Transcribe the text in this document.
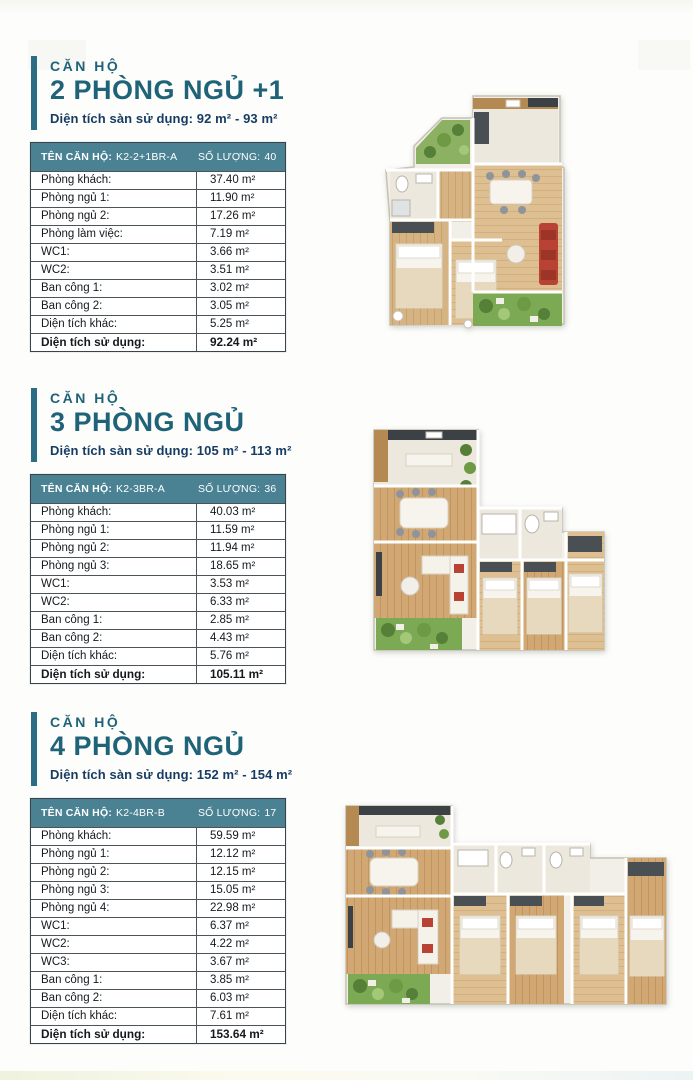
CĂN HỘ
2 PHÒNG NGỦ +1
Diện tích sàn sử dụng: 92 m² - 93 m²
TÊN CĂN HỘ: K2-2+1BR-A SỐ LƯỢNG: 40
Phòng khách:	37.40 m²
Phòng ngủ 1:	11.90 m²
Phòng ngủ 2:	17.26 m²
Phòng làm việc:	7.19 m²
WC1:	3.66 m²
WC2:	3.51 m²
Ban công 1:	3.02 m²
Ban công 2:	3.05 m²
Diện tích khác:	5.25 m²
Diện tích sử dụng:	92.24 m²
CĂN HỘ
3 PHÒNG NGỦ
Diện tích sàn sử dụng: 105 m² - 113 m²
TÊN CĂN HỘ: K2-3BR-A	SỐ LƯỢNG: 36
Phòng khách:	40.03 m²
Phòng ngủ 1:	11.59 m²
Phòng ngủ 2:	11.94 m²
Phòng ngủ 3:	18.65 m²
WC1:	3.53 m²
WC2:	6.33 m²
Ban công 1:	2.85 m²
Ban công 2:	4.43 m²
Diện tích khác:	5.76 m²
Diện tích sử dụng:	105.11 m²
CĂN HỘ
4 PHÒNG NGỦ
Diện tích sàn sử dụng: 152 m² - 154 m²
TÊN CĂN HỘ: K2-4BR-B	SỐ LƯỢNG: 17
Phòng khách:	59.59 m²
Phòng ngủ 1:	12.12 m²
Phòng ngủ 2:	12.15 m²
Phòng ngủ 3:	15.05 m²
Phòng ngủ 4:	22.98 m²
WC1:	6.37 m²
WC2:	4.22 m²
WC3:	3.67 m²
Ban công 1:	3.85 m²
Ban công 2:	6.03 m²
Diện tích khác:	7.61 m²
Diện tích sử dụng:	153.64 m²
